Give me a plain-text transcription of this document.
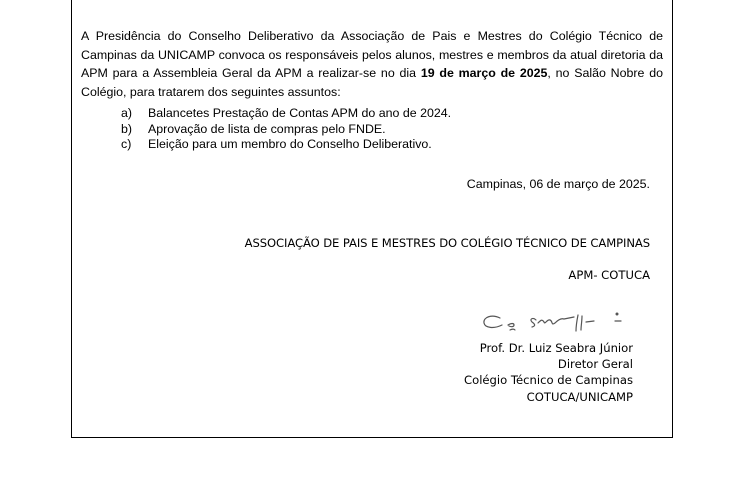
A Presidência do Conselho Deliberativo da Associação de Pais e Mestres do Colégio Técnico de Campinas da UNICAMP convoca os responsáveis pelos alunos, mestres e membros da atual diretoria da APM para a Assembleia Geral da APM a realizar-se no dia 19 de março de 2025, no Salão Nobre do Colégio, para tratarem dos seguintes assuntos:

a)	Balancetes Prestação de Contas APM do ano de 2024.
b)	Aprovação de lista de compras pelo FNDE.
c)	Eleição para um membro do Conselho Deliberativo.

Campinas, 06 de março de 2025.

ASSOCIAÇÃO DE PAIS E MESTRES DO COLÉGIO TÉCNICO DE CAMPINAS

APM- COTUCA

Prof. Dr. Luiz Seabra Júnior
Diretor Geral
Colégio Técnico de Campinas
COTUCA/UNICAMP
